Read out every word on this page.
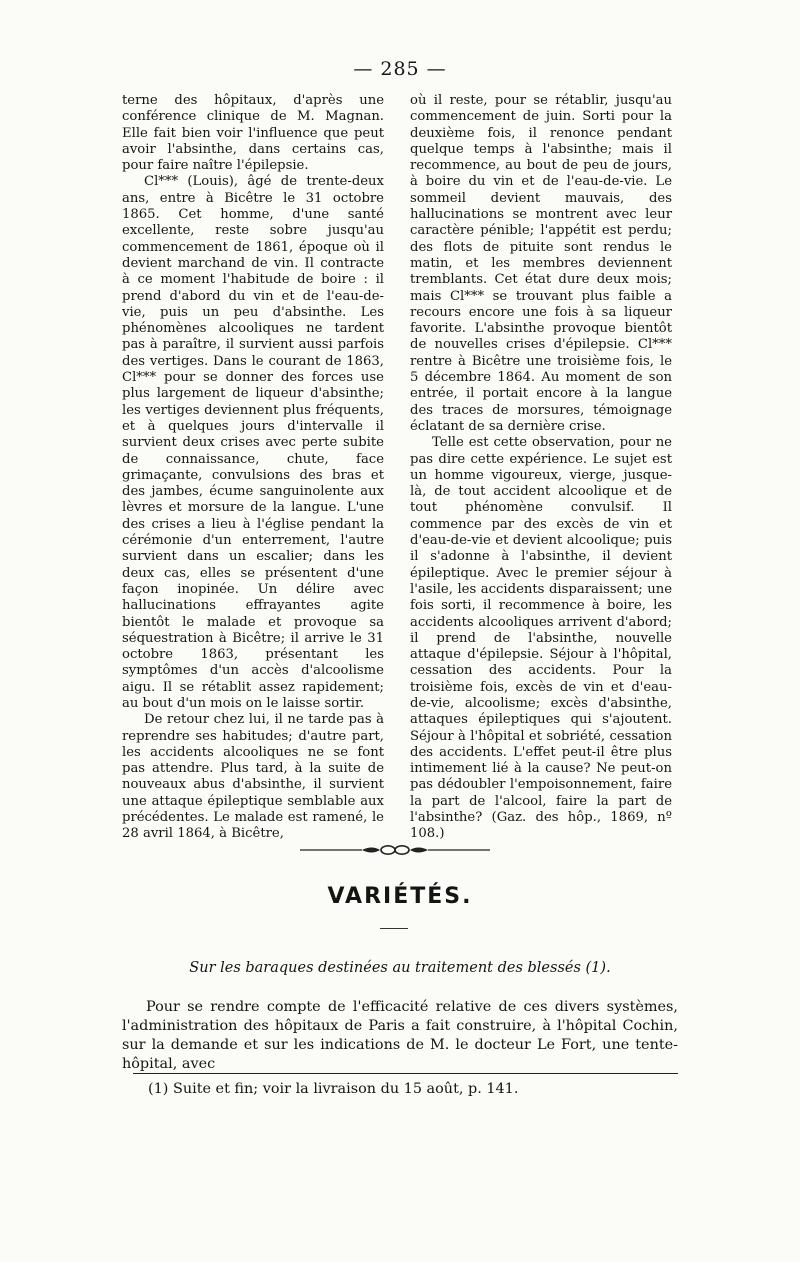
— 285 —

terne des hôpitaux, d'après une conférence clinique de M. Magnan. Elle fait bien voir l'influence que peut avoir l'absinthe, dans certains cas, pour faire naître l'épilepsie.

Cl*** (Louis), âgé de trente-deux ans, entre à Bicêtre le 31 octobre 1865. Cet homme, d'une santé excellente, reste sobre jusqu'au commencement de 1861, époque où il devient marchand de vin. Il contracte à ce moment l'habitude de boire : il prend d'abord du vin et de l'eau-de-vie, puis un peu d'absinthe. Les phénomènes alcooliques ne tardent pas à paraître, il survient aussi parfois des vertiges. Dans le courant de 1863, Cl*** pour se donner des forces use plus largement de liqueur d'absinthe; les vertiges deviennent plus fréquents, et à quelques jours d'intervalle il survient deux crises avec perte subite de connaissance, chute, face grimaçante, convulsions des bras et des jambes, écume sanguinolente aux lèvres et morsure de la langue. L'une des crises a lieu à l'église pendant la cérémonie d'un enterrement, l'autre survient dans un escalier; dans les deux cas, elles se présentent d'une façon inopinée. Un délire avec hallucinations effrayantes agite bientôt le malade et provoque sa séquestration à Bicêtre; il arrive le 31 octobre 1863, présentant les symptômes d'un accès d'alcoolisme aigu. Il se rétablit assez rapidement; au bout d'un mois on le laisse sortir.

De retour chez lui, il ne tarde pas à reprendre ses habitudes; d'autre part, les accidents alcooliques ne se font pas attendre. Plus tard, à la suite de nouveaux abus d'absinthe, il survient une attaque épileptique semblable aux précédentes. Le malade est ramené, le 28 avril 1864, à Bicêtre,

où il reste, pour se rétablir, jusqu'au commencement de juin. Sorti pour la deuxième fois, il renonce pendant quelque temps à l'absinthe; mais il recommence, au bout de peu de jours, à boire du vin et de l'eau-de-vie. Le sommeil devient mauvais, des hallucinations se montrent avec leur caractère pénible; l'appétit est perdu; des flots de pituite sont rendus le matin, et les membres deviennent tremblants. Cet état dure deux mois; mais Cl*** se trouvant plus faible a recours encore une fois à sa liqueur favorite. L'absinthe provoque bientôt de nouvelles crises d'épilepsie. Cl*** rentre à Bicêtre une troisième fois, le 5 décembre 1864. Au moment de son entrée, il portait encore à la langue des traces de morsures, témoignage éclatant de sa dernière crise.

Telle est cette observation, pour ne pas dire cette expérience. Le sujet est un homme vigoureux, vierge, jusque-là, de tout accident alcoolique et de tout phénomène convulsif. Il commence par des excès de vin et d'eau-de-vie et devient alcoolique; puis il s'adonne à l'absinthe, il devient épileptique. Avec le premier séjour à l'asile, les accidents disparaissent; une fois sorti, il recommence à boire, les accidents alcooliques arrivent d'abord; il prend de l'absinthe, nouvelle attaque d'épilepsie. Séjour à l'hôpital, cessation des accidents. Pour la troisième fois, excès de vin et d'eau-de-vie, alcoolisme; excès d'absinthe, attaques épileptiques qui s'ajoutent. Séjour à l'hôpital et sobriété, cessation des accidents. L'effet peut-il être plus intimement lié à la cause? Ne peut-on pas dédoubler l'empoisonnement, faire la part de l'alcool, faire la part de l'absinthe? (Gaz. des hôp., 1869, nº 108.)

VARIÉTÉS.
Sur les baraques destinées au traitement des blessés (1).

Pour se rendre compte de l'efficacité relative de ces divers systèmes, l'administration des hôpitaux de Paris a fait construire, à l'hôpital Cochin, sur la demande et sur les indications de M. le docteur Le Fort, une tente-hôpital, avec

(1) Suite et fin; voir la livraison du 15 août, p. 141.
